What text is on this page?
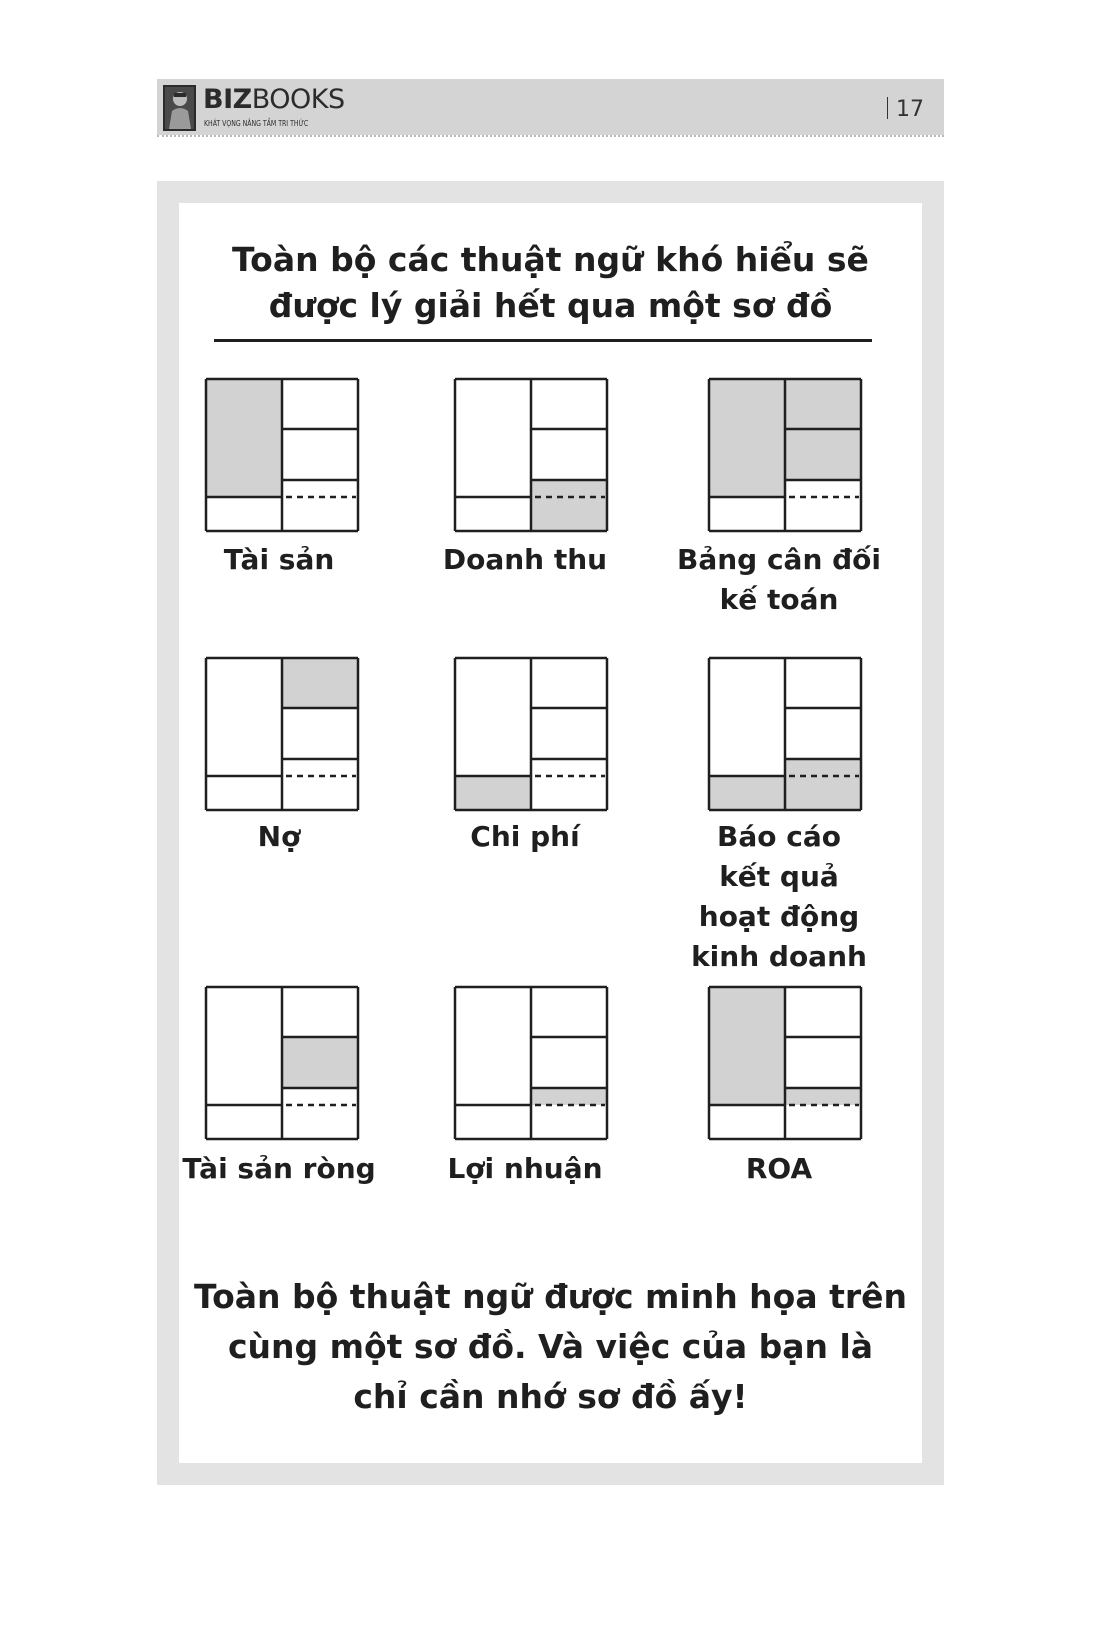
BIZBOOKS
KHÁT VỌNG NÂNG TẦM TRI THỨC
17
Toàn bộ các thuật ngữ khó hiểu sẽ
được lý giải hết qua một sơ đồ
Tài sản	Doanh thu	Bảng cân đối
kế toán
Nợ	Chi phí	Báo cáo
kết quả
hoạt động
kinh doanh
Tài sản ròng	Lợi nhuận	ROA
Toàn bộ thuật ngữ được minh họa trên
cùng một sơ đồ. Và việc của bạn là
chỉ cần nhớ sơ đồ ấy!
